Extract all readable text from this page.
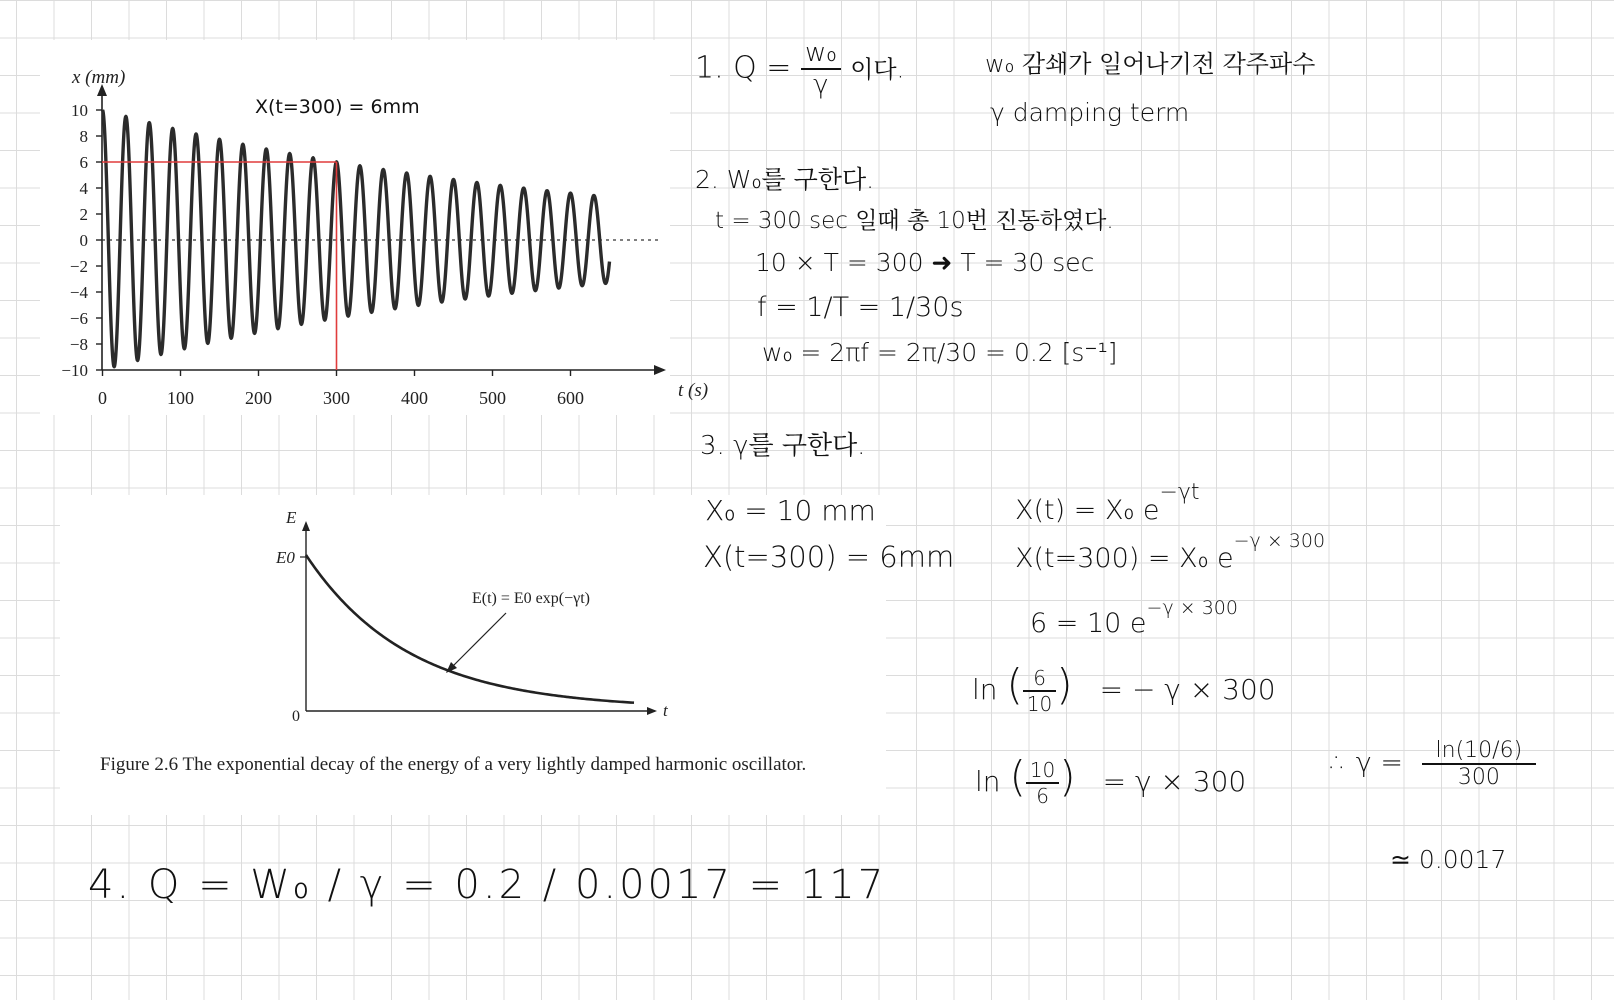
10
8
6
4
2
0
−2
−4
−6
−8
−10
0	100	200	300	400	500	600
x (mm)
t (s)
X(t=300) = 6mm
E
E0
0	t
E(t) = E0 exp(−γt)
Figure 2.6 The exponential decay of the energy of a very lightly damped harmonic oscillator.
1. $Q = \frac{\text{w₀}}{\gamma}$ 이다.	w₀ 감쇄가 일어나기전 각주파수
γ damping term
2. W₀를 구한다.
t = 300 sec 일때 총 10번 진동하였다.
10 × T = 300 ➜ T = 30 sec
f = 1/T = 1/30s
w₀ = 2πf = 2π/30 = 0.2 [s⁻¹]
3. γ를 구한다.
X₀ = 10 mm
X(t=300) = 6mm
X(t) = X₀ $e^{-\gamma t}$
X(t=300) = X₀ $e^{-\gamma \times 300}$
6 = 10 $e^{-\gamma \times 300}$
ln ( $\frac{6}{10}$ ) = − γ × 300
ln ( $\frac{10}{6}$ ) = γ × 300
∴ $\gamma = \frac{\ln(10/6)}{300}$
≃ 0.0017
4. Q = W₀ / γ = 0.2 / 0.0017 = 117
